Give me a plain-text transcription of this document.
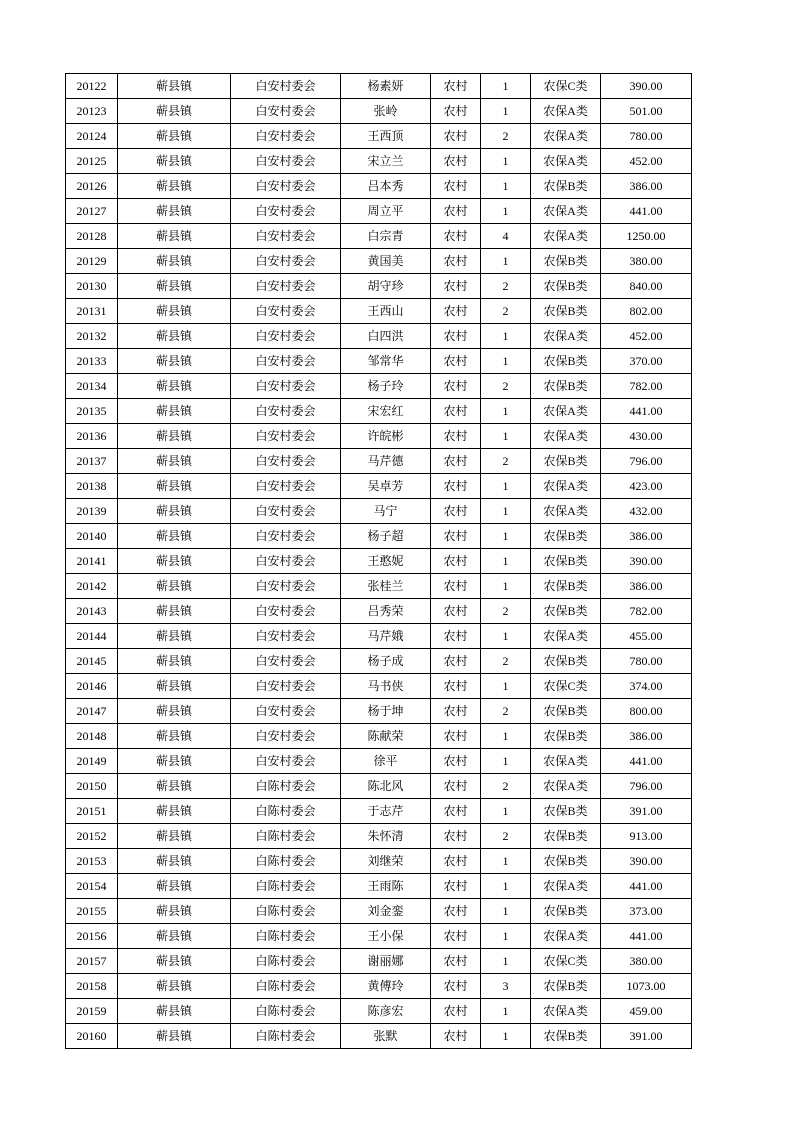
20122	蕲县镇	白安村委会	杨素妍	农村	1	农保C类	390.00
20123	蕲县镇	白安村委会	张岭	农村	1	农保A类	501.00
20124	蕲县镇	白安村委会	王西顶	农村	2	农保A类	780.00
20125	蕲县镇	白安村委会	宋立兰	农村	1	农保A类	452.00
20126	蕲县镇	白安村委会	吕本秀	农村	1	农保B类	386.00
20127	蕲县镇	白安村委会	周立平	农村	1	农保A类	441.00
20128	蕲县镇	白安村委会	白宗青	农村	4	农保A类	1250.00
20129	蕲县镇	白安村委会	黄国美	农村	1	农保B类	380.00
20130	蕲县镇	白安村委会	胡守珍	农村	2	农保B类	840.00
20131	蕲县镇	白安村委会	王西山	农村	2	农保B类	802.00
20132	蕲县镇	白安村委会	白四洪	农村	1	农保A类	452.00
20133	蕲县镇	白安村委会	邹常华	农村	1	农保B类	370.00
20134	蕲县镇	白安村委会	杨子玲	农村	2	农保B类	782.00
20135	蕲县镇	白安村委会	宋宏红	农村	1	农保A类	441.00
20136	蕲县镇	白安村委会	许皖彬	农村	1	农保A类	430.00
20137	蕲县镇	白安村委会	马芹德	农村	2	农保B类	796.00
20138	蕲县镇	白安村委会	吴卓芳	农村	1	农保A类	423.00
20139	蕲县镇	白安村委会	马宁	农村	1	农保A类	432.00
20140	蕲县镇	白安村委会	杨子超	农村	1	农保B类	386.00
20141	蕲县镇	白安村委会	王憨妮	农村	1	农保B类	390.00
20142	蕲县镇	白安村委会	张桂兰	农村	1	农保B类	386.00
20143	蕲县镇	白安村委会	吕秀荣	农村	2	农保B类	782.00
20144	蕲县镇	白安村委会	马芹娥	农村	1	农保A类	455.00
20145	蕲县镇	白安村委会	杨子成	农村	2	农保B类	780.00
20146	蕲县镇	白安村委会	马书侠	农村	1	农保C类	374.00
20147	蕲县镇	白安村委会	杨于坤	农村	2	农保B类	800.00
20148	蕲县镇	白安村委会	陈献荣	农村	1	农保B类	386.00
20149	蕲县镇	白安村委会	徐平	农村	1	农保A类	441.00
20150	蕲县镇	白陈村委会	陈北风	农村	2	农保A类	796.00
20151	蕲县镇	白陈村委会	于志芹	农村	1	农保B类	391.00
20152	蕲县镇	白陈村委会	朱怀清	农村	2	农保B类	913.00
20153	蕲县镇	白陈村委会	刘继荣	农村	1	农保B类	390.00
20154	蕲县镇	白陈村委会	王雨陈	农村	1	农保A类	441.00
20155	蕲县镇	白陈村委会	刘金銮	农村	1	农保B类	373.00
20156	蕲县镇	白陈村委会	王小保	农村	1	农保A类	441.00
20157	蕲县镇	白陈村委会	谢丽娜	农村	1	农保C类	380.00
20158	蕲县镇	白陈村委会	黄傅玲	农村	3	农保B类	1073.00
20159	蕲县镇	白陈村委会	陈彦宏	农村	1	农保A类	459.00
20160	蕲县镇	白陈村委会	张默	农村	1	农保B类	391.00
